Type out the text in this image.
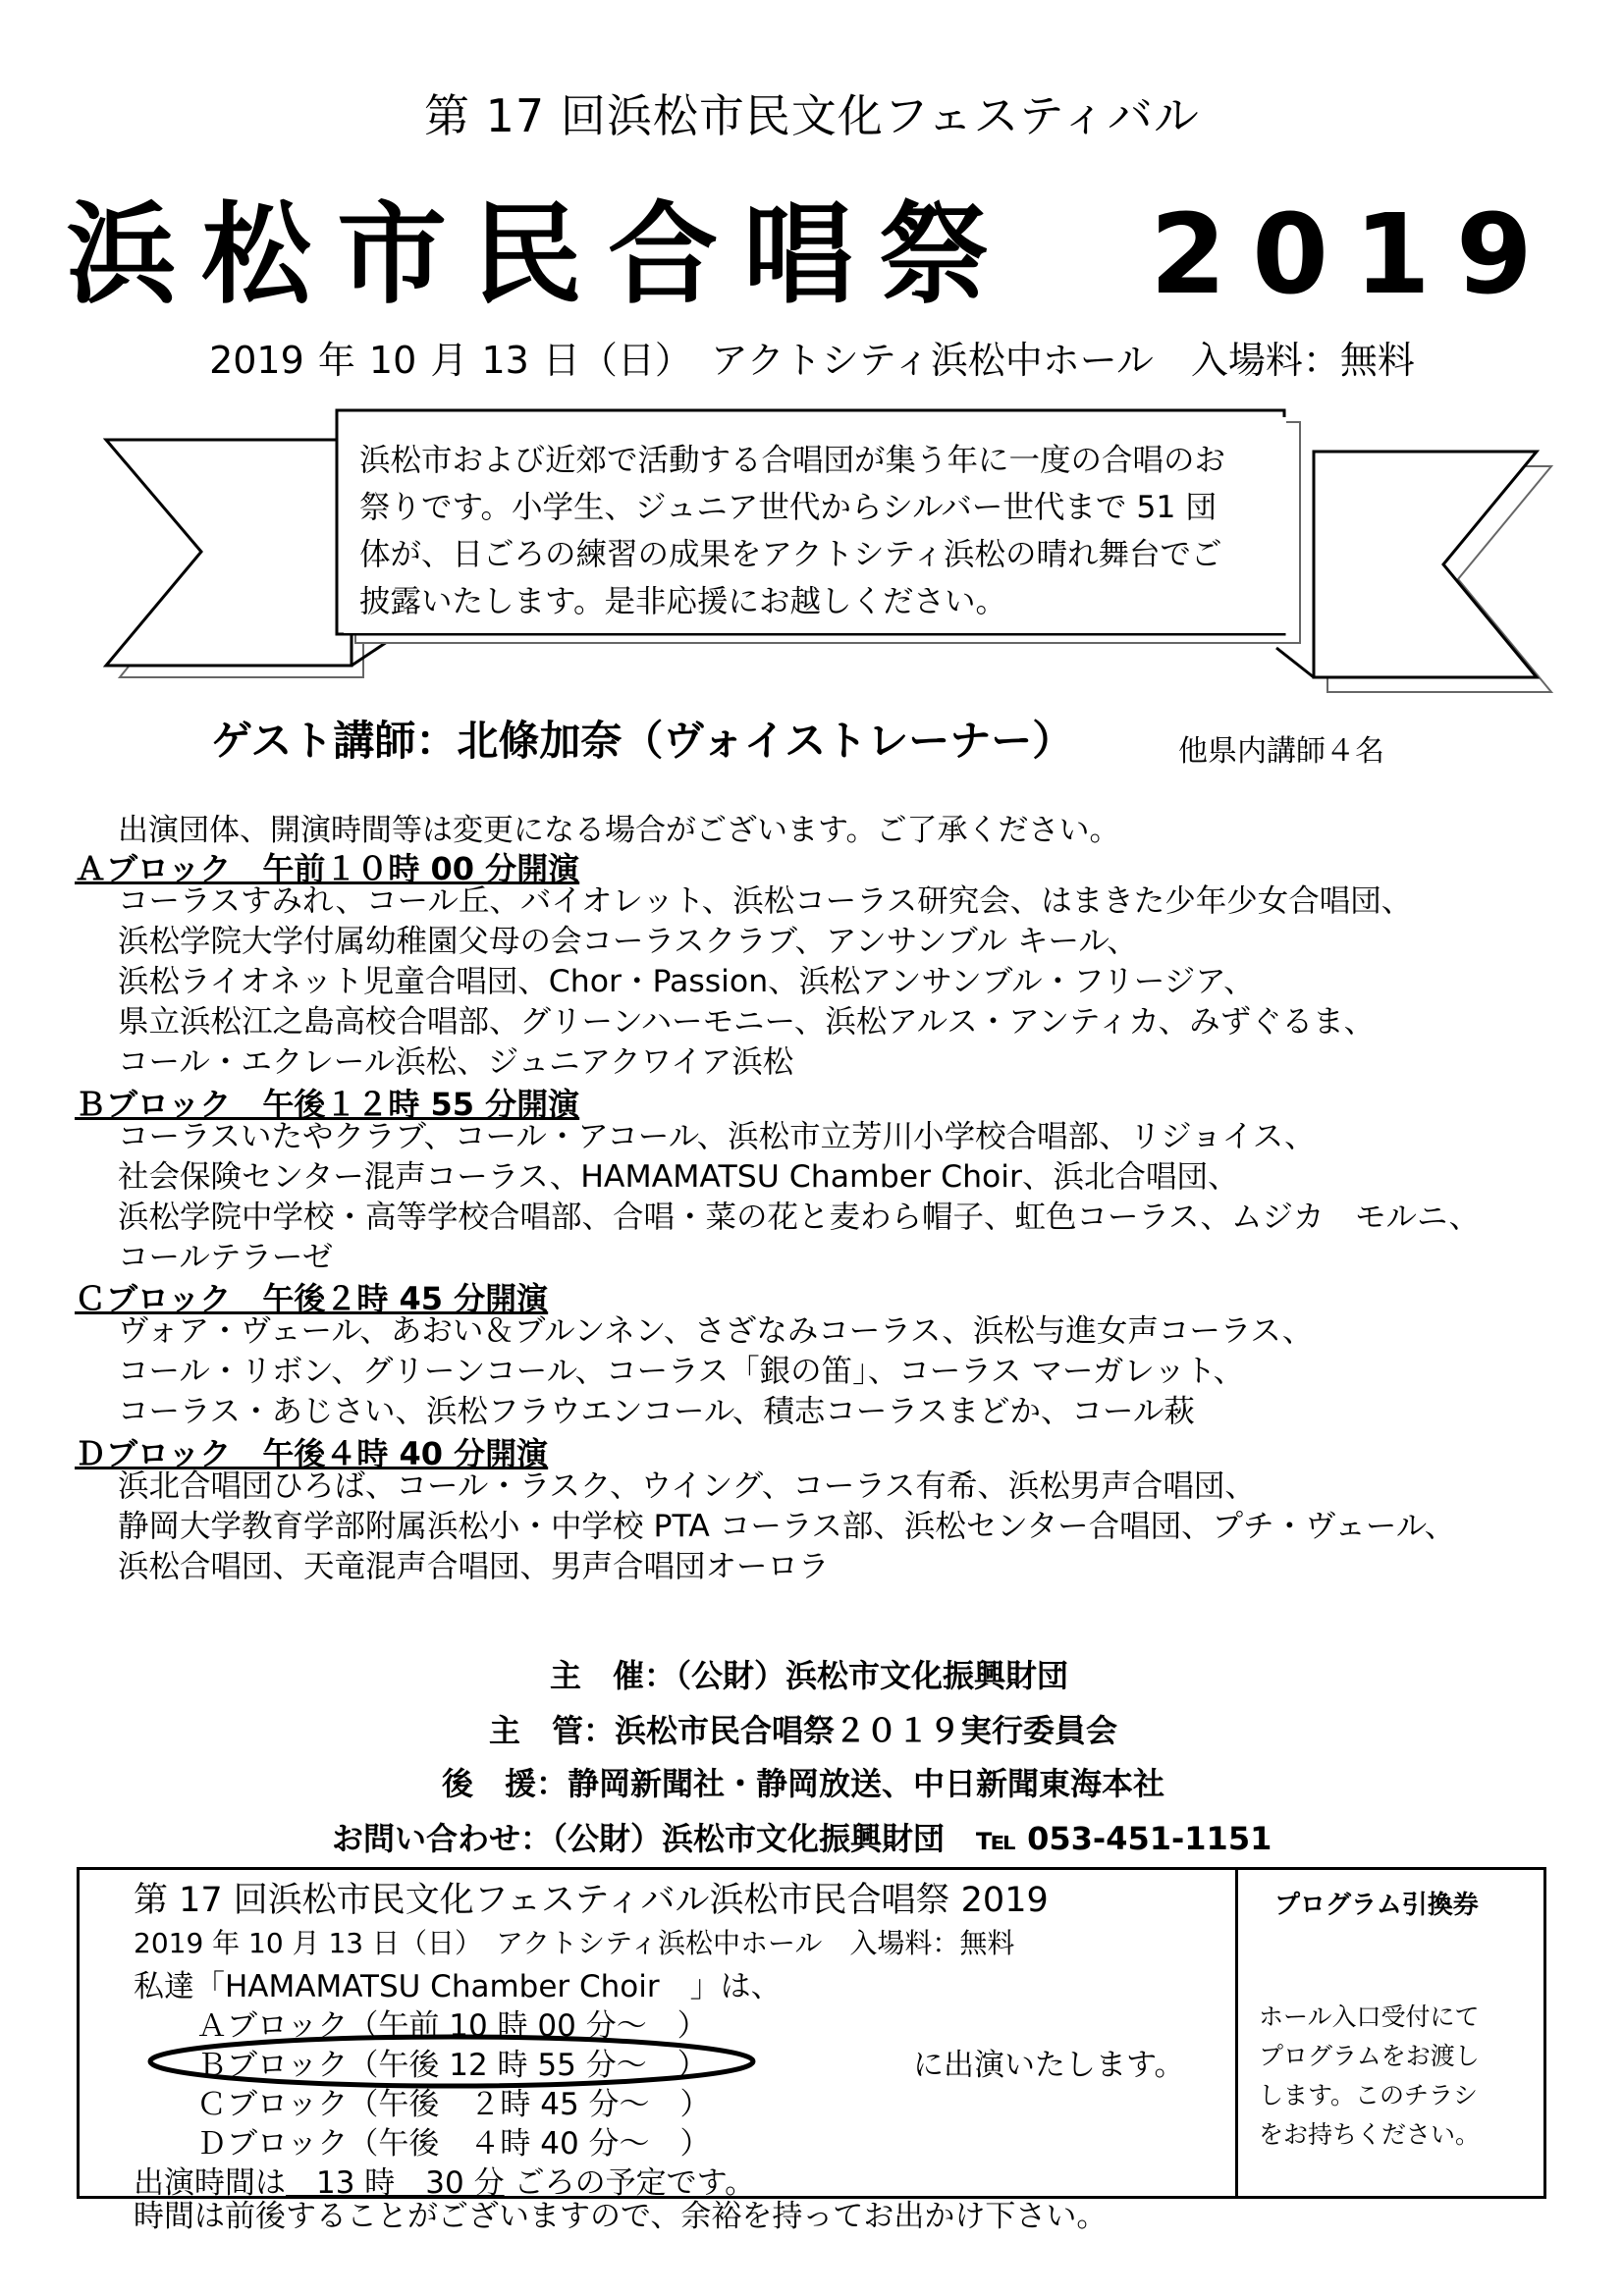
第 17 回浜松市民文化フェスティバル
浜松市民合唱祭　2019
2019 年 10 月 13 日（日）　アクトシティ浜松中ホール　入場料：無料
浜松市および近郊で活動する合唱団が集う年に一度の合唱のお
祭りです。小学生、ジュニア世代からシルバー世代まで 51 団
体が、日ごろの練習の成果をアクトシティ浜松の晴れ舞台でご
披露いたします。是非応援にお越しください。
ゲスト講師：北條加奈（ヴォイストレーナー）	他県内講師４名
出演団体、開演時間等は変更になる場合がございます。ご了承ください。
Ａブロック　午前１０時 00 分開演
コーラスすみれ、コール丘、バイオレット、浜松コーラス研究会、はまきた少年少女合唱団、
浜松学院大学付属幼稚園父母の会コーラスクラブ、アンサンブル キール、
浜松ライオネット児童合唱団、Chor・Passion、浜松アンサンブル・フリージア、
県立浜松江之島高校合唱部、グリーンハーモニー、浜松アルス・アンティカ、みずぐるま、
コール・エクレール浜松、ジュニアクワイア浜松
Ｂブロック　午後１２時 55 分開演
コーラスいたやクラブ、コール・アコール、浜松市立芳川小学校合唱部、リジョイス、
社会保険センター混声コーラス、HAMAMATSU Chamber Choir、浜北合唱団、
浜松学院中学校・高等学校合唱部、合唱・菜の花と麦わら帽子、虹色コーラス、ムジカ　モルニ、
コールテラーゼ
Ｃブロック　午後２時 45 分開演
ヴォア・ヴェール、あおい＆ブルンネン、さざなみコーラス、浜松与進女声コーラス、
コール・リボン、グリーンコール、コーラス「銀の笛」、コーラス マーガレット、
コーラス・あじさい、浜松フラウエンコール、積志コーラスまどか、コール萩
Ｄブロック　午後４時 40 分開演
浜北合唱団ひろば、コール・ラスク、ウイング、コーラス有希、浜松男声合唱団、
静岡大学教育学部附属浜松小・中学校 PTA コーラス部、浜松センター合唱団、プチ・ヴェール、
浜松合唱団、天竜混声合唱団、男声合唱団オーロラ
主　催：（公財）浜松市文化振興財団
主　管：浜松市民合唱祭２０１９実行委員会
後　援：静岡新聞社・静岡放送、中日新聞東海本社
お問い合わせ：（公財）浜松市文化振興財団　℡ 053-451-1151
第 17 回浜松市民文化フェスティバル浜松市民合唱祭 2019
2019 年 10 月 13 日（日）　アクトシティ浜松中ホール　入場料：無料
私達「HAMAMATSU Chamber Choir　」は、
Ａブロック（午前 10 時 00 分～　）
Ｂブロック（午後 12 時 55 分～　）	に出演いたします。
Ｃブロック（午後　２時 45 分～　）
Ｄブロック（午後　４時 40 分～　）
出演時間は　13 時　30 分 ごろの予定です。
時間は前後することがございますので、余裕を持ってお出かけ下さい。
プログラム引換券
ホール入口受付にて
プログラムをお渡し
します。このチラシ
をお持ちください。
